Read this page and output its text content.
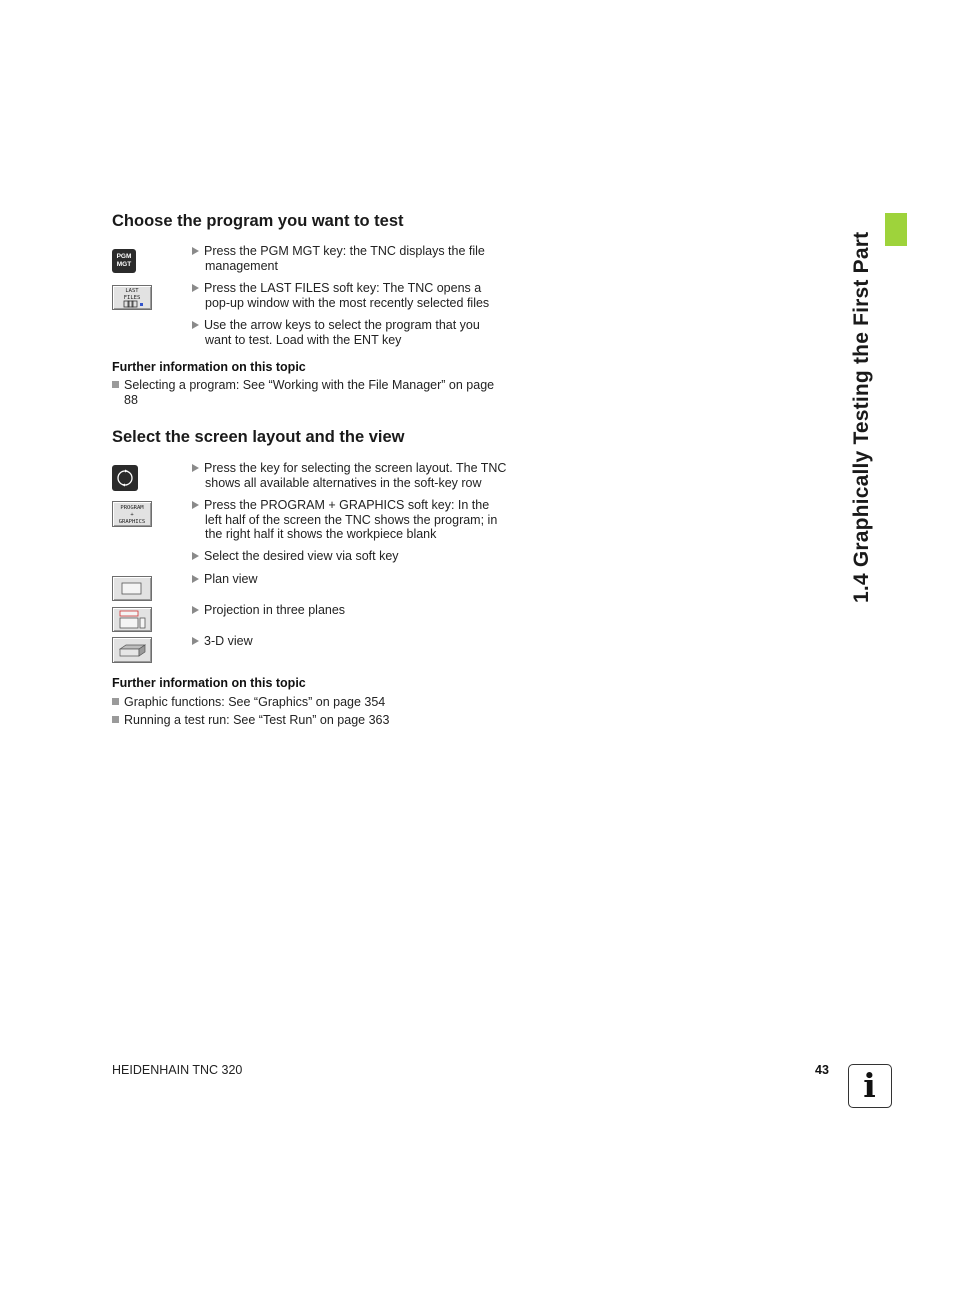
1.4 Graphically Testing the First Part
Choose the program you want to test
PGM
MGT
LAST
FILES
Press the PGM MGT key: the TNC displays the file
management
Press the LAST FILES soft key: The TNC opens a
pop-up window with the most recently selected files
Use the arrow keys to select the program that you
want to test. Load with the ENT key
Further information on this topic
Selecting a program: See “Working with the File Manager” on page
88
Select the screen layout and the view
PROGRAM
+
GRAPHICS
Press the key for selecting the screen layout. The TNC
shows all available alternatives in the soft-key row
Press the PROGRAM + GRAPHICS soft key: In the
left half of the screen the TNC shows the program; in
the right half it shows the workpiece blank
Select the desired view via soft key
Plan view
Projection in three planes
3-D view
Further information on this topic
Graphic functions: See “Graphics” on page 354
Running a test run: See “Test Run” on page 363
HEIDENHAIN TNC 320	43	i
